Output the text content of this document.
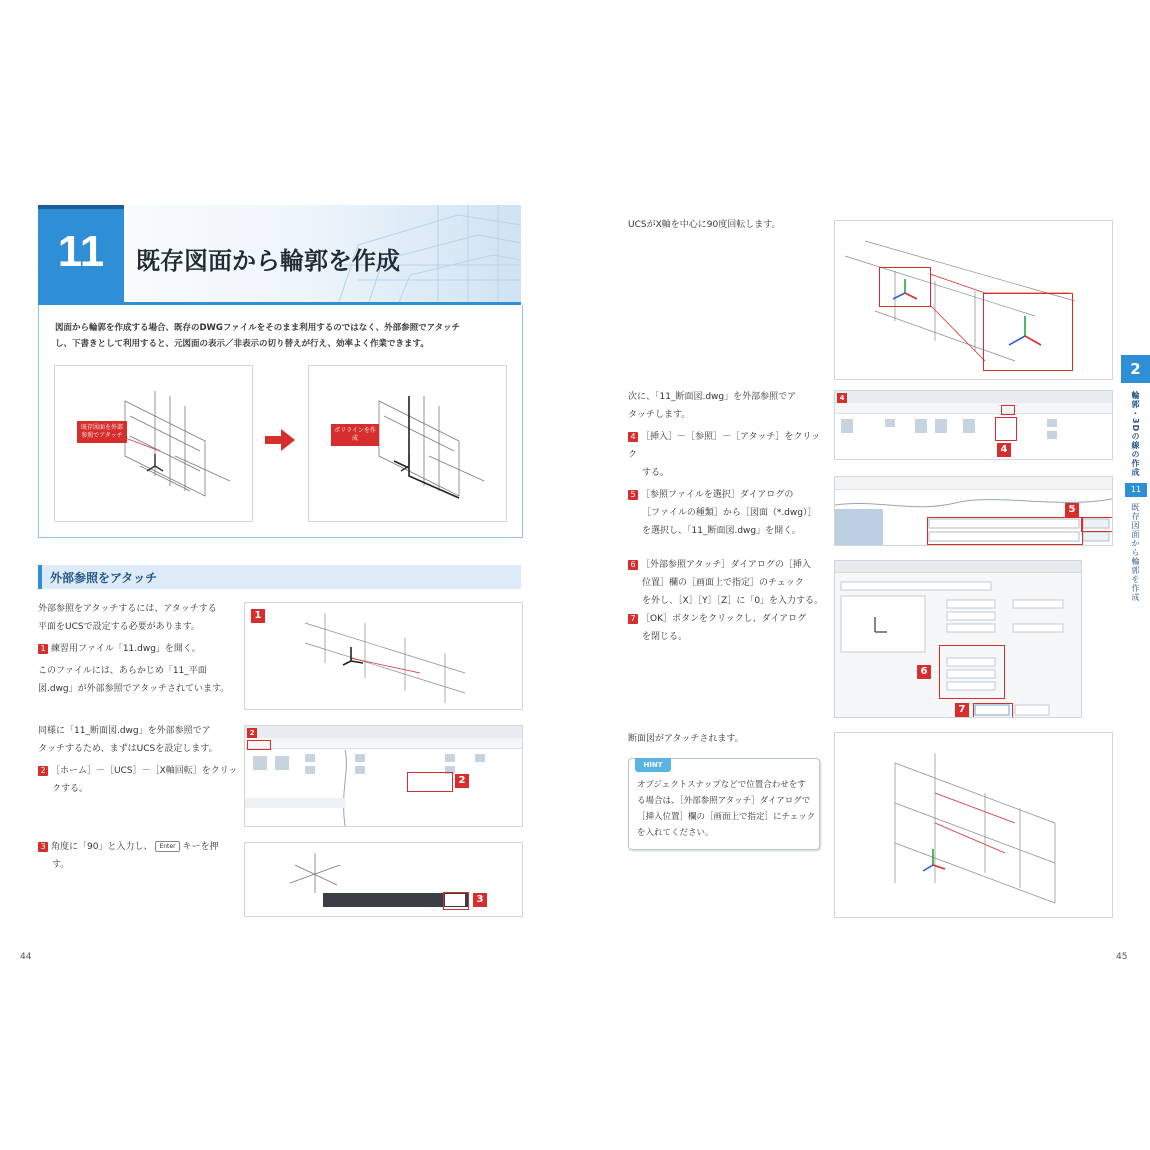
11	既存図面から輪郭を作成
図面から輪郭を作成する場合、既存のDWGファイルをそのまま利用するのではなく、外部参照でアタッチ
し、下書きとして利用すると、元図面の表示／非表示の切り替えが行え、効率よく作業できます。
既存図面を外部参照でアタッチ
ポリラインを作成
外部参照をアタッチ
外部参照をアタッチするには、アタッチする
平面をUCSで設定する必要があります。
1 練習用ファイル「11.dwg」を開く。
このファイルには、あらかじめ「11_平面
図.dwg」が外部参照でアタッチされています。
1
同様に「11_断面図.dwg」を外部参照でア
タッチするため、まずはUCSを設定します。
2 ［ホーム］－［UCS］－［X軸回転］をクリッ
クする。
2
2
3 角度に「90」と入力し、 Enter キーを押
す。
3
44
UCSがX軸を中心に90度回転します。
次に、「11_断面図.dwg」を外部参照でア
タッチします。
4 ［挿入］－［参照］－［アタッチ］をクリック
する。
5 ［参照ファイルを選択］ダイアログの
［ファイルの種類］から［図面（*.dwg）］
を選択し、「11_断面図.dwg」を開く。
4
4
5
6 ［外部参照アタッチ］ダイアログの［挿入
位置］欄の［画面上で指定］のチェック
を外し、［X］［Y］［Z］に「0」を入力する。
7 ［OK］ボタンをクリックし、ダイアログ
を閉じる。
6
7
断面図がアタッチされます。
HINT
オブジェクトスナップなどで位置合わせをす
る場合は、［外部参照アタッチ］ダイアログで
［挿入位置］欄の［画面上で指定］にチェック
を入れてください。
2
輪郭・3Dの線の作成
11
既存図面から輪郭を作成
45
